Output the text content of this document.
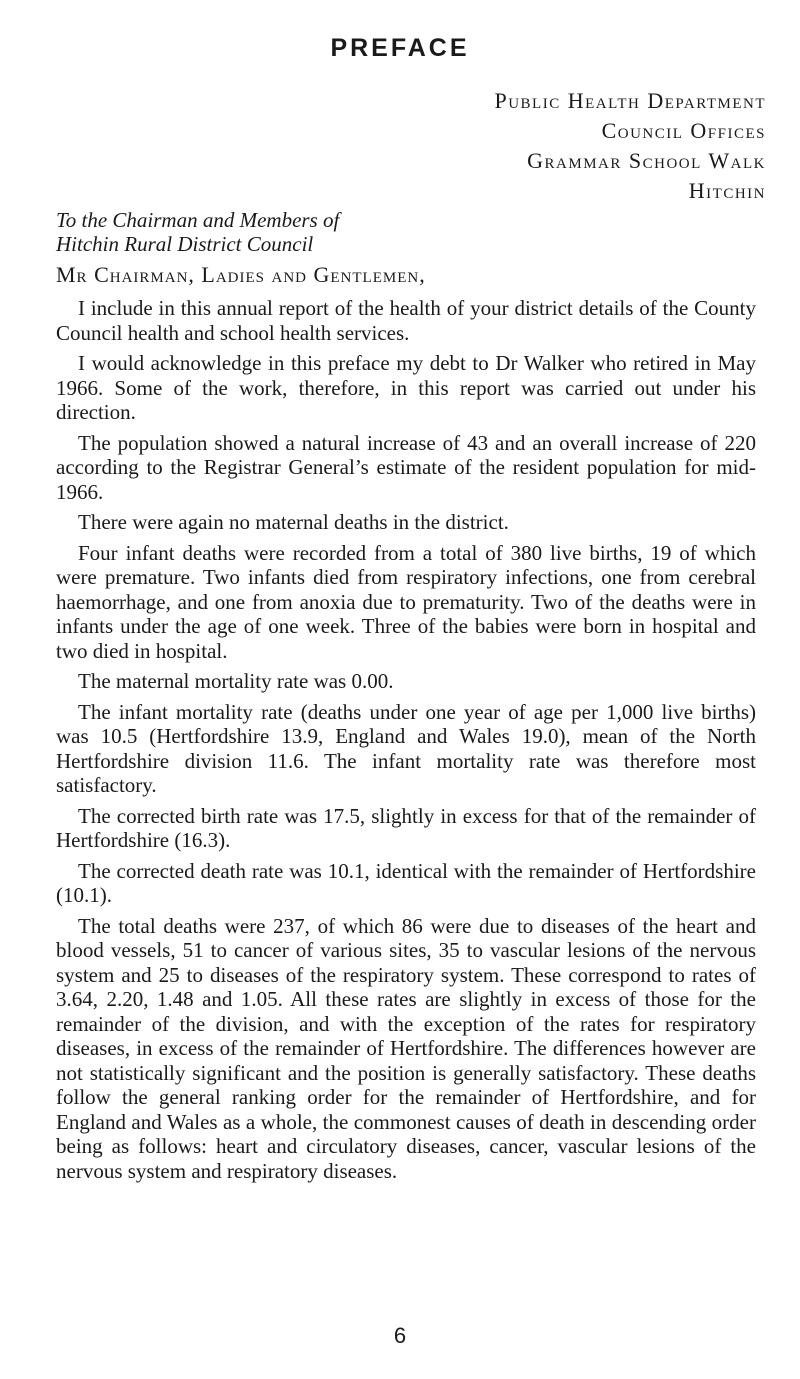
PREFACE
Public Health Department
Council Offices
Grammar School Walk
Hitchin
To the Chairman and Members of
Hitchin Rural District Council
Mr Chairman, Ladies and Gentlemen,

I include in this annual report of the health of your district details of the County Council health and school health services.

I would acknowledge in this preface my debt to Dr Walker who retired in May 1966. Some of the work, therefore, in this report was carried out under his direction.

The population showed a natural increase of 43 and an overall increase of 220 according to the Registrar General’s estimate of the resident population for mid-1966.

There were again no maternal deaths in the district.

Four infant deaths were recorded from a total of 380 live births, 19 of which were premature. Two infants died from respiratory infections, one from cerebral haemorrhage, and one from anoxia due to prematurity. Two of the deaths were in infants under the age of one week. Three of the babies were born in hospital and two died in hospital.

The maternal mortality rate was 0.00.

The infant mortality rate (deaths under one year of age per 1,000 live births) was 10.5 (Hertfordshire 13.9, England and Wales 19.0), mean of the North Hertfordshire division 11.6. The infant mortality rate was therefore most satisfactory.

The corrected birth rate was 17.5, slightly in excess for that of the remainder of Hertfordshire (16.3).

The corrected death rate was 10.1, identical with the remainder of Hertfordshire (10.1).

The total deaths were 237, of which 86 were due to diseases of the heart and blood vessels, 51 to cancer of various sites, 35 to vascular lesions of the nervous system and 25 to diseases of the respiratory system. These correspond to rates of 3.64, 2.20, 1.48 and 1.05. All these rates are slightly in excess of those for the remainder of the division, and with the exception of the rates for respiratory diseases, in excess of the remainder of Hertfordshire. The differences however are not statistically significant and the position is generally satisfactory. These deaths follow the general ranking order for the remainder of Hertfordshire, and for England and Wales as a whole, the commonest causes of death in descending order being as follows: heart and circulatory diseases, cancer, vascular lesions of the nervous system and respiratory diseases.

6
